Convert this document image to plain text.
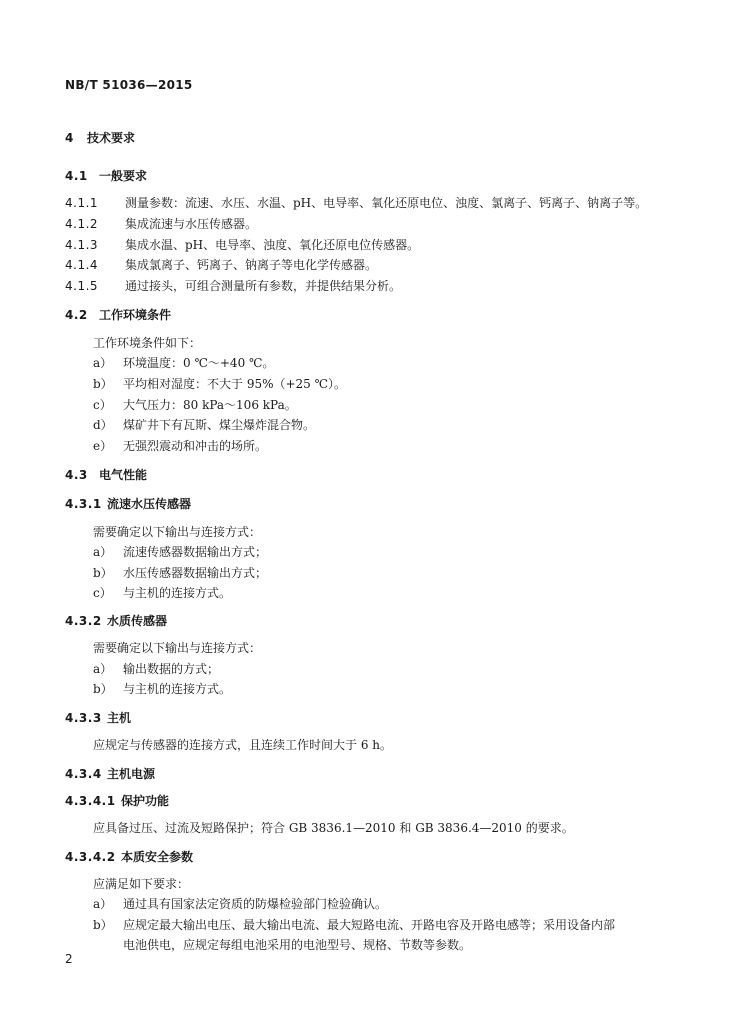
NB/T 51036—2015
4 技术要求
4.1 一般要求
4.1.1 测量参数：流速、水压、水温、pH、电导率、氧化还原电位、浊度、氯离子、钙离子、钠离子等。
4.1.2 集成流速与水压传感器。
4.1.3 集成水温、pH、电导率、浊度、氧化还原电位传感器。
4.1.4 集成氯离子、钙离子、钠离子等电化学传感器。
4.1.5 通过接头，可组合测量所有参数，并提供结果分析。
4.2 工作环境条件
工作环境条件如下：
a） 环境温度：0 ℃～+40 ℃。
b） 平均相对湿度：不大于 95%（+25 ℃）。
c） 大气压力：80 kPa～106 kPa。
d） 煤矿井下有瓦斯、煤尘爆炸混合物。
e） 无强烈震动和冲击的场所。
4.3 电气性能
4.3.1 流速水压传感器
需要确定以下输出与连接方式：
a） 流速传感器数据输出方式；
b） 水压传感器数据输出方式；
c） 与主机的连接方式。
4.3.2 水质传感器
需要确定以下输出与连接方式：
a） 输出数据的方式；
b） 与主机的连接方式。
4.3.3 主机
应规定与传感器的连接方式，且连续工作时间大于 6 h。
4.3.4 主机电源
4.3.4.1 保护功能
应具备过压、过流及短路保护；符合 GB 3836.1—2010 和 GB 3836.4—2010 的要求。
4.3.4.2 本质安全参数
应满足如下要求：
a） 通过具有国家法定资质的防爆检验部门检验确认。
b） 应规定最大输出电压、最大输出电流、最大短路电流、开路电容及开路电感等；采用设备内部
电池供电，应规定每组电池采用的电池型号、规格、节数等参数。
2
